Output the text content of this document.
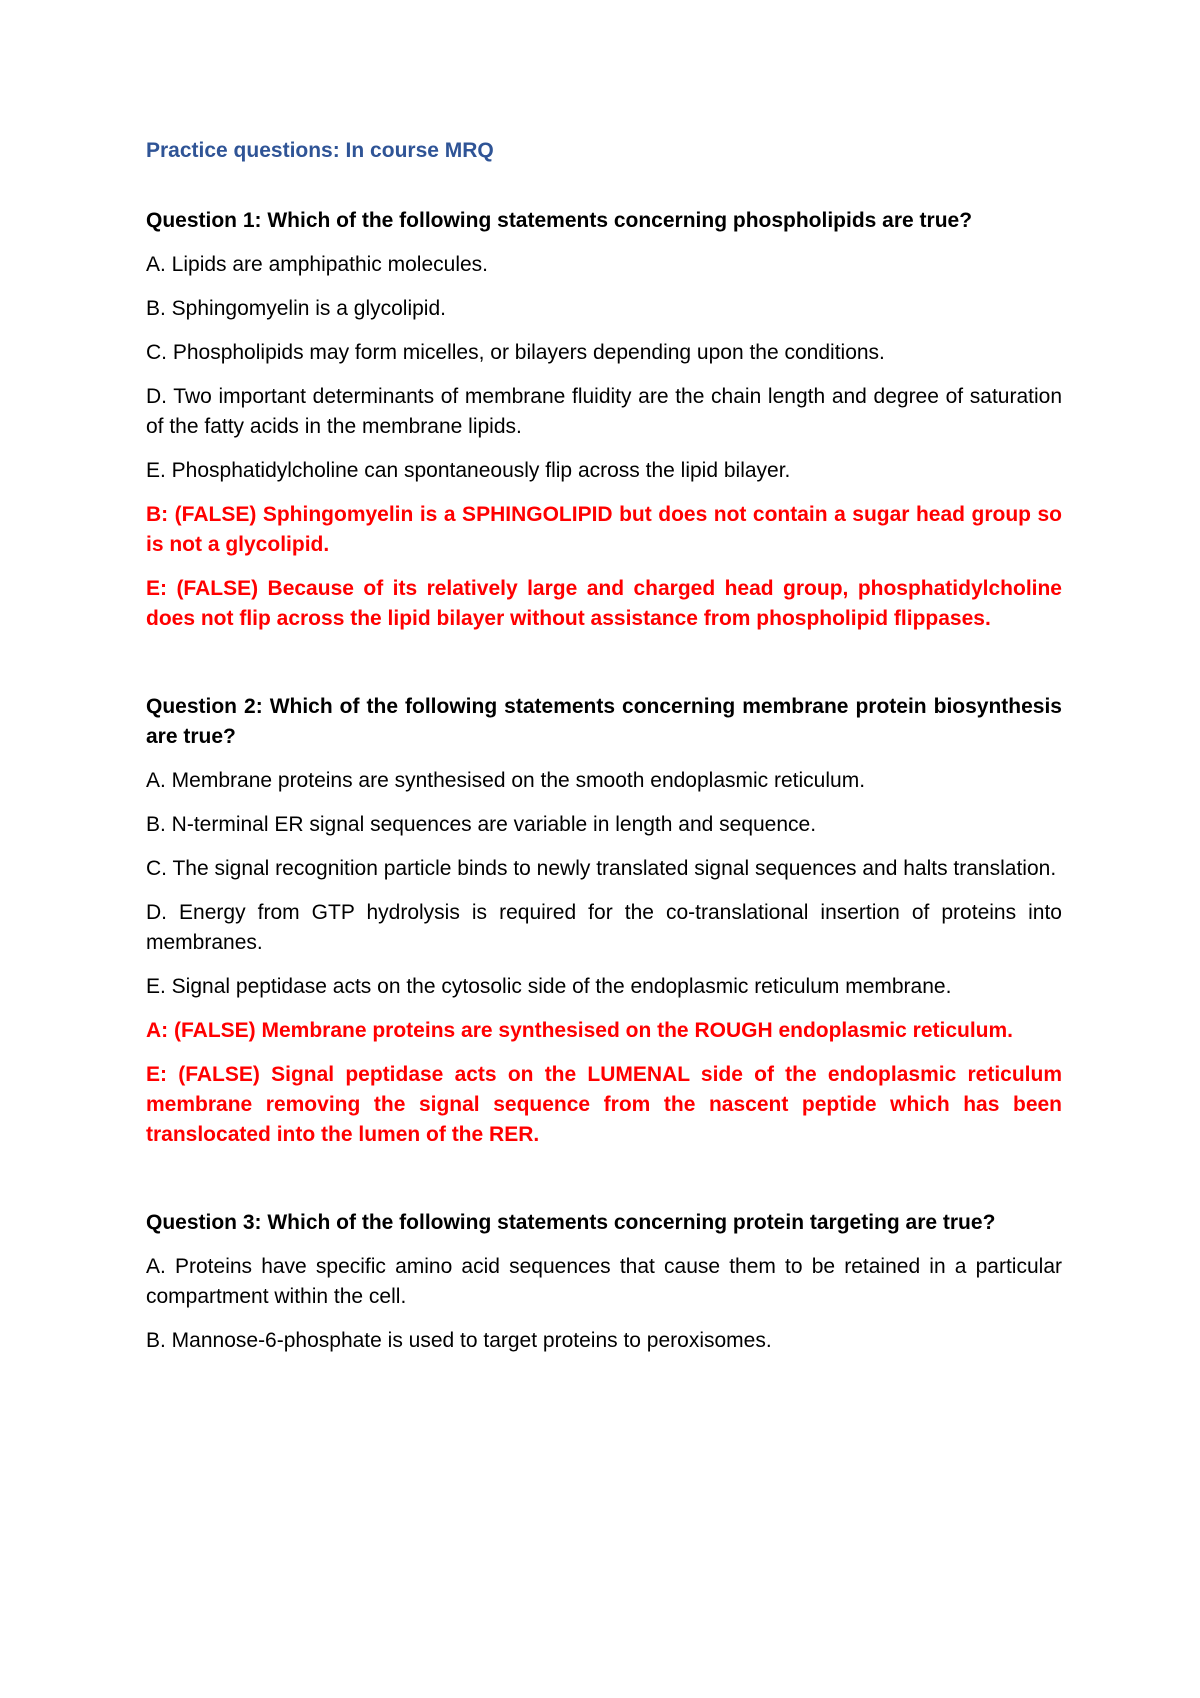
Practice questions: In course MRQ

Question 1: Which of the following statements concerning phospholipids are true?

A. Lipids are amphipathic molecules.
B. Sphingomyelin is a glycolipid.
C. Phospholipids may form micelles, or bilayers depending upon the conditions.
D. Two important determinants of membrane fluidity are the chain length and degree of saturation of the fatty acids in the membrane lipids.
E. Phosphatidylcholine can spontaneously flip across the lipid bilayer.

B: (FALSE) Sphingomyelin is a SPHINGOLIPID but does not contain a sugar head group so is not a glycolipid.

E: (FALSE) Because of its relatively large and charged head group, phosphatidylcholine does not flip across the lipid bilayer without assistance from phospholipid flippases.

Question 2: Which of the following statements concerning membrane protein biosynthesis are true?

A. Membrane proteins are synthesised on the smooth endoplasmic reticulum.
B. N-terminal ER signal sequences are variable in length and sequence.
C. The signal recognition particle binds to newly translated signal sequences and halts translation.
D. Energy from GTP hydrolysis is required for the co-translational insertion of proteins into membranes.
E. Signal peptidase acts on the cytosolic side of the endoplasmic reticulum membrane.

A: (FALSE) Membrane proteins are synthesised on the ROUGH endoplasmic reticulum.

E: (FALSE) Signal peptidase acts on the LUMENAL side of the endoplasmic reticulum membrane removing the signal sequence from the nascent peptide which has been translocated into the lumen of the RER.

Question 3: Which of the following statements concerning protein targeting are true?

A. Proteins have specific amino acid sequences that cause them to be retained in a particular compartment within the cell.
B. Mannose-6-phosphate is used to target proteins to peroxisomes.
